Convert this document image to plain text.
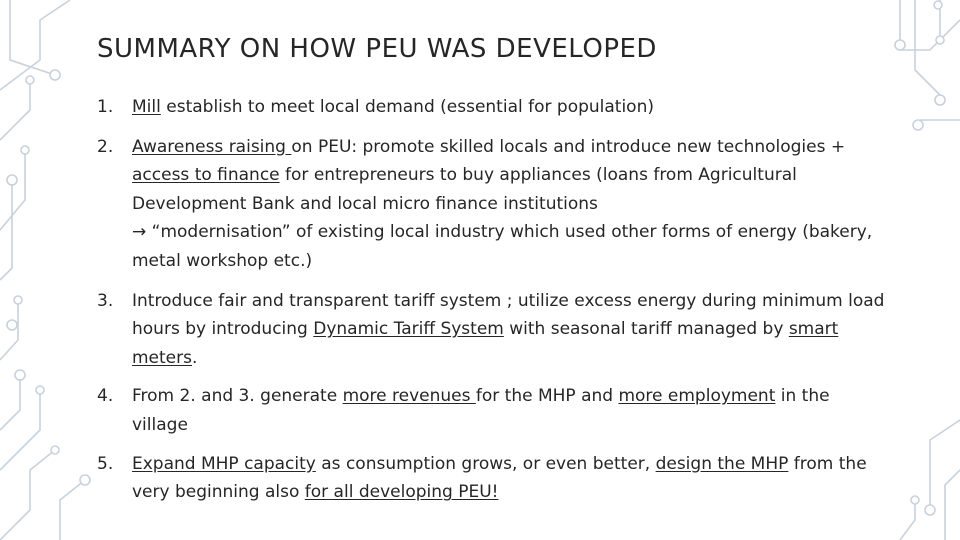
SUMMARY ON HOW PEU WAS DEVELOPED
1. Mill establish to meet local demand (essential for population)
2. Awareness raising on PEU: promote skilled locals and introduce new technologies + access to finance for entrepreneurs to buy appliances (loans from Agricultural Development Bank and local micro finance institutions
→ “modernisation” of existing local industry which used other forms of energy (bakery, metal workshop etc.)
3. Introduce fair and transparent tariff system ; utilize excess energy during minimum load hours by introducing Dynamic Tariff System with seasonal tariff managed by smart meters.
4. From 2. and 3. generate more revenues for the MHP and more employment in the village
5. Expand MHP capacity as consumption grows, or even better, design the MHP from the very beginning also for all developing PEU!
